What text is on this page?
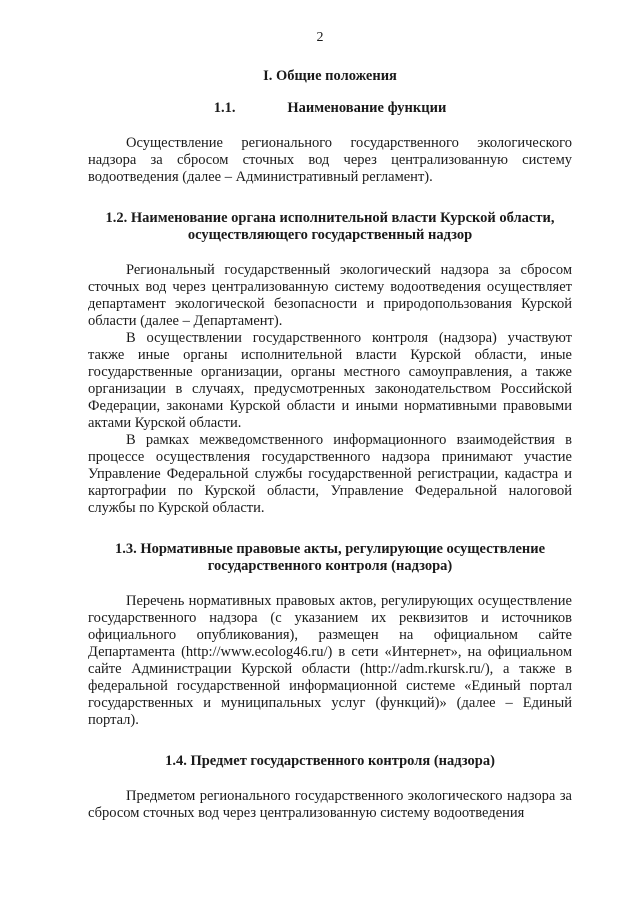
2
I. Общие положения
1.1.	Наименование функции

Осуществление регионального государственного экологического надзора за сбросом сточных вод через централизованную систему водоотведения (далее – Административный регламент).

1.2. Наименование органа исполнительной власти Курской области, осуществляющего государственный надзор

Региональный государственный экологический надзора за сбросом сточных вод через централизованную систему водоотведения осуществляет департамент экологической безопасности и природопользования Курской области (далее – Департамент).

В осуществлении государственного контроля (надзора) участвуют также иные органы исполнительной власти Курской области, иные государственные организации, органы местного самоуправления, а также организации в случаях, предусмотренных законодательством Российской Федерации, законами Курской области и иными нормативными правовыми актами Курской области.

В рамках межведомственного информационного взаимодействия в процессе осуществления государственного надзора принимают участие Управление Федеральной службы государственной регистрации, кадастра и картографии по Курской области, Управление Федеральной налоговой службы по Курской области.

1.3. Нормативные правовые акты, регулирующие осуществление государственного контроля (надзора)

Перечень нормативных правовых актов, регулирующих осуществление государственного надзора (с указанием их реквизитов и источников официального опубликования), размещен на официальном сайте Департамента (http://www.ecolog46.ru/) в сети «Интернет», на официальном сайте Администрации Курской области (http://adm.rkursk.ru/), а также в федеральной государственной информационной системе «Единый портал государственных и муниципальных услуг (функций)» (далее – Единый портал).

1.4. Предмет государственного контроля (надзора)

Предметом регионального государственного экологического надзора за сбросом сточных вод через централизованную систему водоотведения
